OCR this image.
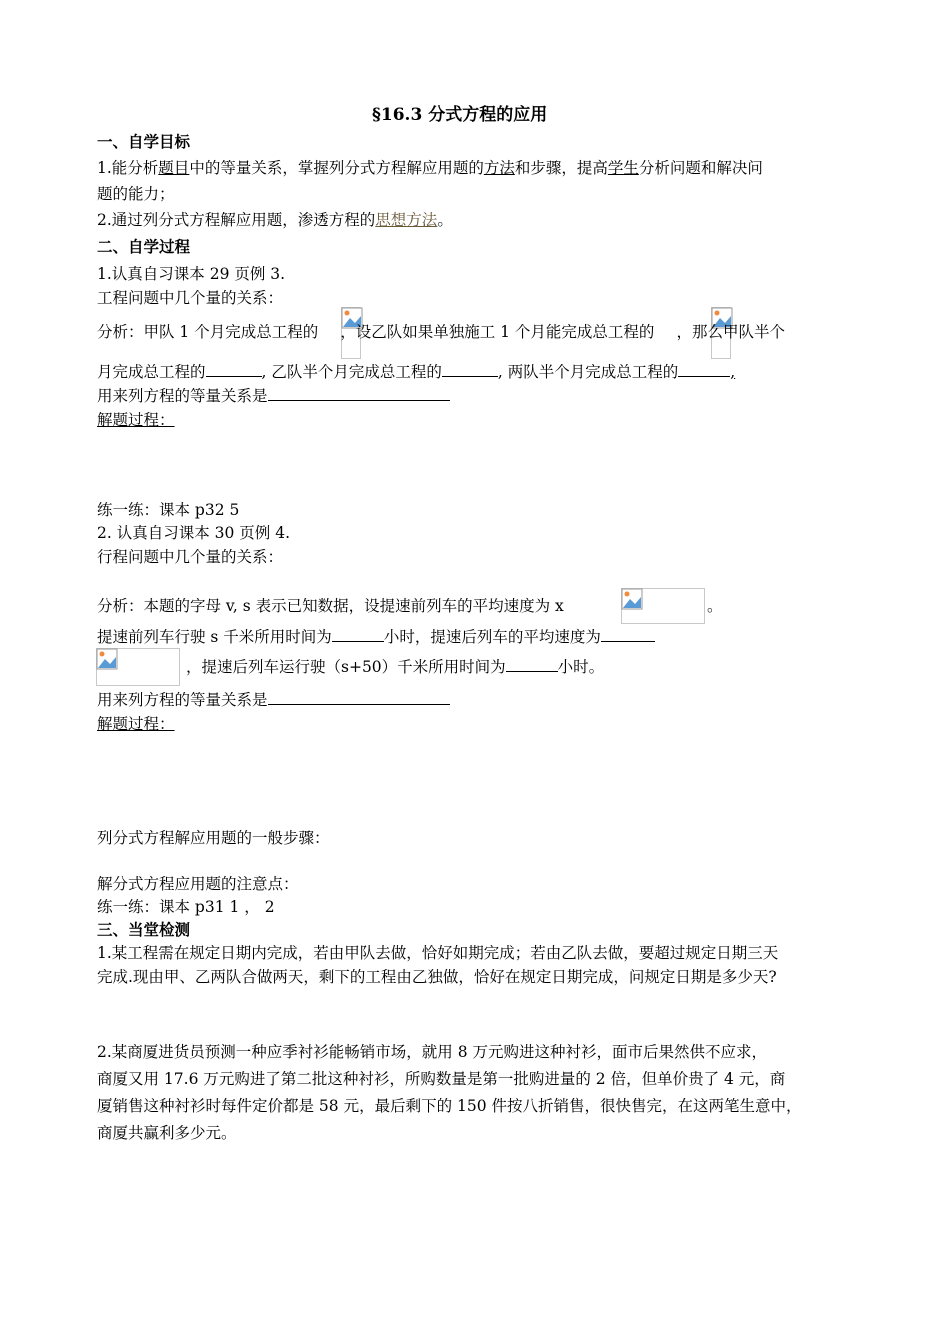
§16.3 分式方程的应用
一、自学目标
1.能分析题目中的等量关系，掌握列分式方程解应用题的方法和步骤，提高学生分析问题和解决问
题的能力；
2.通过列分式方程解应用题，渗透方程的思想方法。
二、自学过程
1.认真自习课本 29 页例 3.
工程问题中几个量的关系：
分析：甲队 1 个月完成总工程的 ，设乙队如果单独施工 1 个月能完成总工程的 ，那么甲队半个
月完成总工程的	, 乙队半个月完成总工程的	, 两队半个月完成总工程的	,
用来列方程的等量关系是
解题过程：
练一练：课本 p32 5
2. 认真自习课本 30 页例 4.
行程问题中几个量的关系：
分析：本题的字母 v, s 表示已知数据，设提速前列车的平均速度为 x	。
提速前列车行驶 s 千米所用时间为	小时，提速后列车的平均速度为
，提速后列车运行驶（s+50）千米所用时间为	小时。
用来列方程的等量关系是
解题过程：
列分式方程解应用题的一般步骤：
解分式方程应用题的注意点：
练一练：课本 p31 1 ， 2
三、当堂检测
1.某工程需在规定日期内完成，若由甲队去做，恰好如期完成；若由乙队去做，要超过规定日期三天
完成.现由甲、乙两队合做两天，剩下的工程由乙独做，恰好在规定日期完成，问规定日期是多少天?
2.某商厦进货员预测一种应季衬衫能畅销市场，就用 8 万元购进这种衬衫，面市后果然供不应求，
商厦又用 17.6 万元购进了第二批这种衬衫，所购数量是第一批购进量的 2 倍，但单价贵了 4 元，商
厦销售这种衬衫时每件定价都是 58 元，最后剩下的 150 件按八折销售，很快售完，在这两笔生意中，
商厦共赢利多少元。
